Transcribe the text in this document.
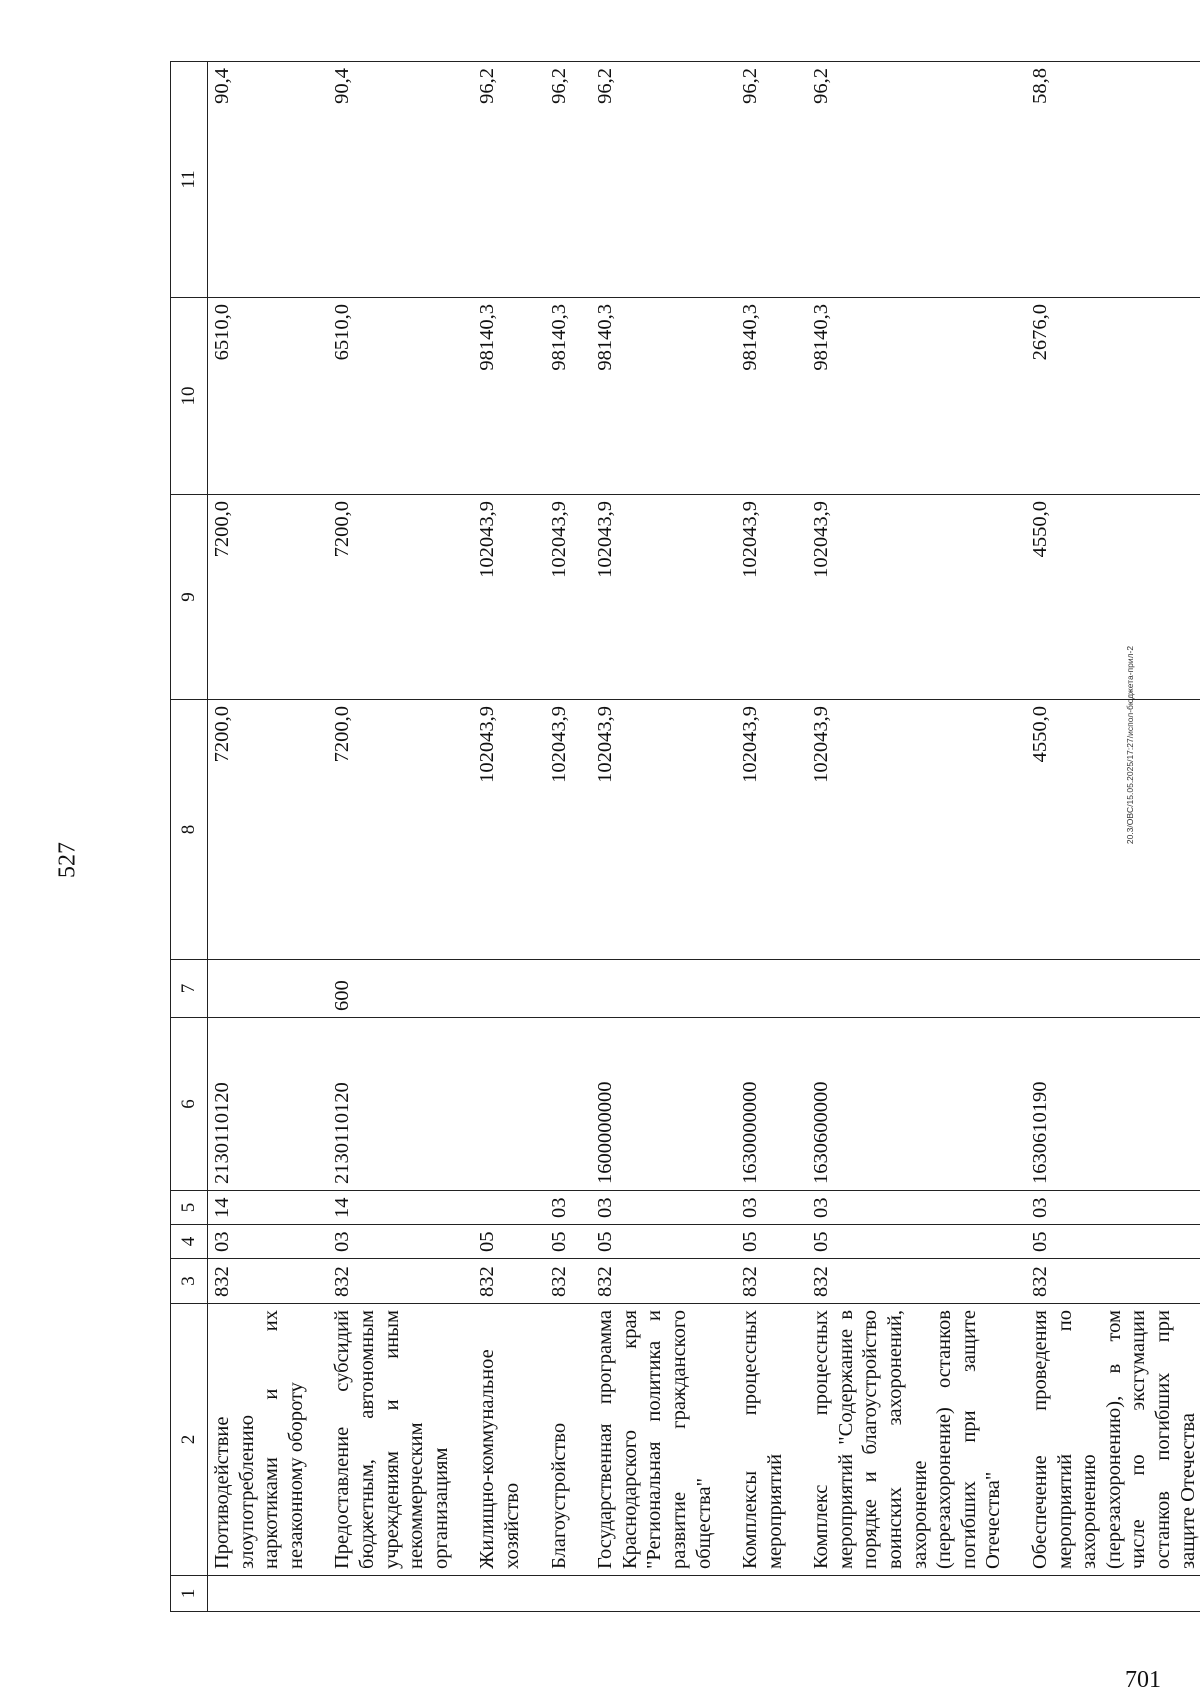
527
701
20.3/OBC/15.05.2025/17:27/испол-бюджета-прил-2
1	2	3	4	5	6	7	8	9	10	11
	Противодействие злоупотреблению наркотиками и их незаконному обороту	832	03	14	2130110120		7200,0	7200,0	6510,0	90,4
	Предоставление субсидий бюджетным, автономным учреждениям и иным некоммерческим организациям	832	03	14	2130110120	600	7200,0	7200,0	6510,0	90,4
	Жилищно-коммунальное хозяйство	832	05				102043,9	102043,9	98140,3	96,2
	Благоустройство	832	05	03			102043,9	102043,9	98140,3	96,2
	Государственная программа Краснодарского края "Региональная политика и развитие гражданского общества"	832	05	03	1600000000		102043,9	102043,9	98140,3	96,2
	Комплексы процессных мероприятий	832	05	03	1630000000		102043,9	102043,9	98140,3	96,2
	Комплекс процессных мероприятий "Содержание в порядке и благоустройство воинских захоронений, захоронение (перезахоронение) останков погибших при защите Отечества"	832	05	03	1630600000		102043,9	102043,9	98140,3	96,2
	Обеспечение проведения мероприятий по захоронению (перезахоронению), в том числе по эксгумации останков погибших при защите Отечества	832	05	03	1630610190		4550,0	4550,0	2676,0	58,8
